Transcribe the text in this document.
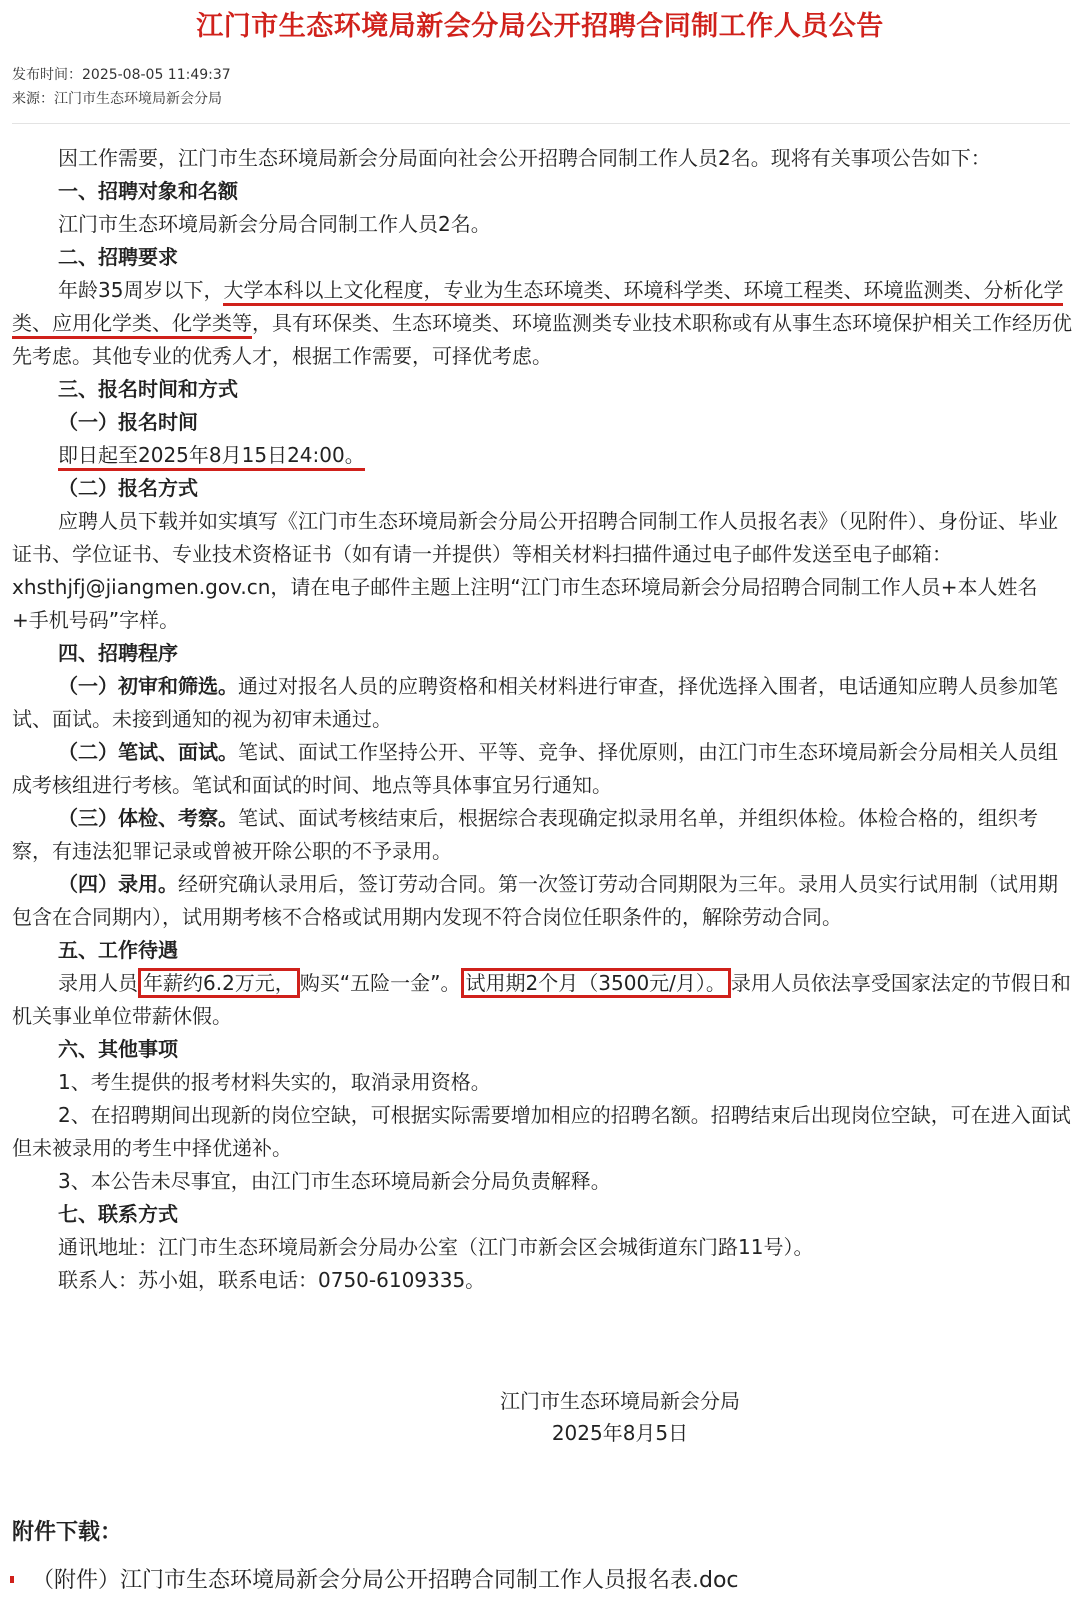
江门市生态环境局新会分局公开招聘合同制工作人员公告
发布时间：2025-08-05 11:49:37
来源：江门市生态环境局新会分局

因工作需要，江门市生态环境局新会分局面向社会公开招聘合同制工作人员2名。现将有关事项公告如下：

一、招聘对象和名额

江门市生态环境局新会分局合同制工作人员2名。

二、招聘要求

年龄35周岁以下，大学本科以上文化程度，专业为生态环境类、环境科学类、环境工程类、环境监测类、分析化学类、应用化学类、化学类等，具有环保类、生态环境类、环境监测类专业技术职称或有从事生态环境保护相关工作经历优先考虑。其他专业的优秀人才，根据工作需要，可择优考虑。

三、报名时间和方式

（一）报名时间

即日起至2025年8月15日24:00。

（二）报名方式

应聘人员下载并如实填写《江门市生态环境局新会分局公开招聘合同制工作人员报名表》（见附件）、身份证、毕业证书、学位证书、专业技术资格证书（如有请一并提供）等相关材料扫描件通过电子邮件发送至电子邮箱：xhsthjfj@jiangmen.gov.cn，请在电子邮件主题上注明“江门市生态环境局新会分局招聘合同制工作人员+本人姓名+手机号码”字样。

四、招聘程序

（一）初审和筛选。通过对报名人员的应聘资格和相关材料进行审查，择优选择入围者，电话通知应聘人员参加笔试、面试。未接到通知的视为初审未通过。

（二）笔试、面试。笔试、面试工作坚持公开、平等、竞争、择优原则，由江门市生态环境局新会分局相关人员组成考核组进行考核。笔试和面试的时间、地点等具体事宜另行通知。

（三）体检、考察。笔试、面试考核结束后，根据综合表现确定拟录用名单，并组织体检。体检合格的，组织考察，有违法犯罪记录或曾被开除公职的不予录用。

（四）录用。经研究确认录用后，签订劳动合同。第一次签订劳动合同期限为三年。录用人员实行试用制（试用期包含在合同期内），试用期考核不合格或试用期内发现不符合岗位任职条件的，解除劳动合同。

五、工作待遇

录用人员 年薪约6.2万元， 购买“五险一金”。 试用期2个月（3500元/月）。 录用人员依法享受国家法定的节假日和机关事业单位带薪休假。

六、其他事项

1、考生提供的报考材料失实的，取消录用资格。

2、在招聘期间出现新的岗位空缺，可根据实际需要增加相应的招聘名额。招聘结束后出现岗位空缺，可在进入面试但未被录用的考生中择优递补。

3、本公告未尽事宜，由江门市生态环境局新会分局负责解释。

七、联系方式

通讯地址：江门市生态环境局新会分局办公室（江门市新会区会城街道东门路11号）。

联系人：苏小姐，联系电话：0750-6109335。

江门市生态环境局新会分局
2025年8月5日
附件下载：
（附件）江门市生态环境局新会分局公开招聘合同制工作人员报名表.doc
